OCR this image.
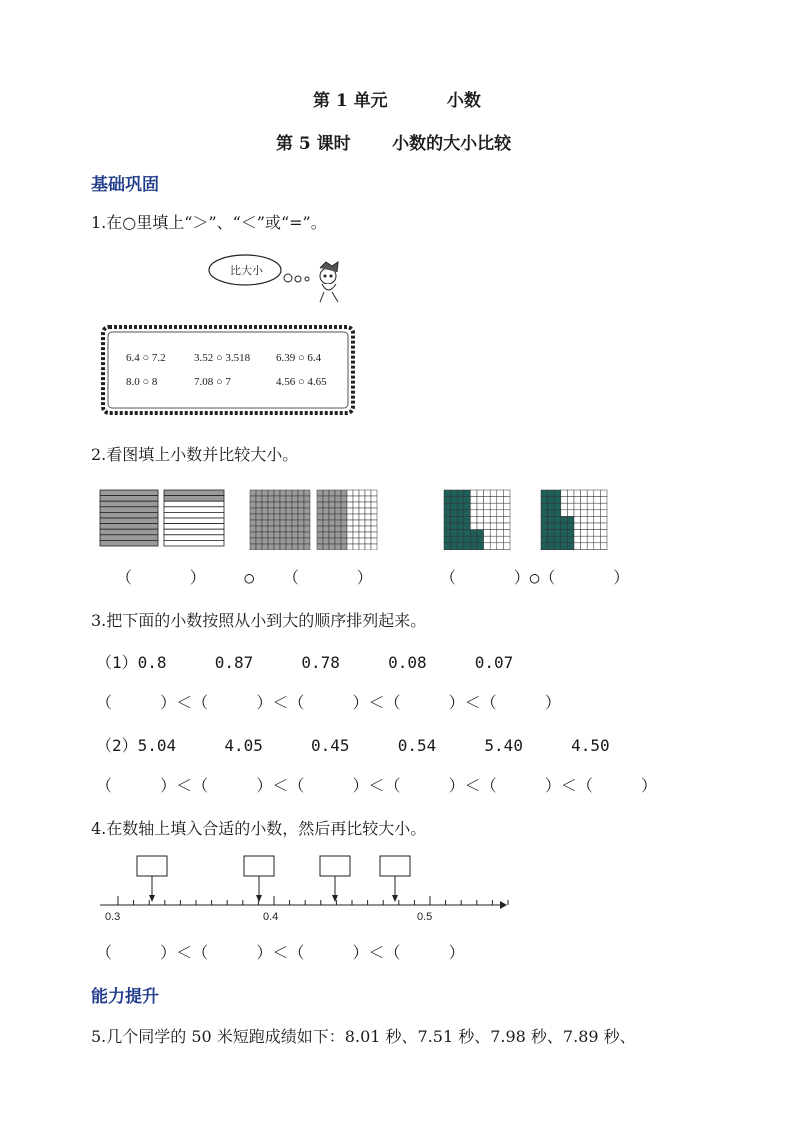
第 1 单元          小数
第 5 课时       小数的大小比较
基础巩固
1.在○里填上“＞”、“＜”或“=”。
比大小
6.4 ○ 7.2	3.52 ○ 3.518 6.39 ○ 6.4
8.0 ○ 8	7.08 ○ 7	4.56 ○ 4.65
2.看图填上小数并比较大小。
（      ）    ○   （      ）	（      ）○（      ）
3.把下面的小数按照从小到大的顺序排列起来。
（1）0.8     0.87     0.78     0.08     0.07
（     ）＜（     ）＜（     ）＜（     ）＜（     ）
（2）5.04     4.05     0.45     0.54     5.40     4.50
（     ）＜（     ）＜（     ）＜（     ）＜（     ）＜（     ）
4.在数轴上填入合适的小数，然后再比较大小。
0.3	0.4	0.5
（     ）＜（     ）＜（     ）＜（     ）
能力提升
5.几个同学的 50 米短跑成绩如下：8.01 秒、7.51 秒、7.98 秒、7.89 秒、
